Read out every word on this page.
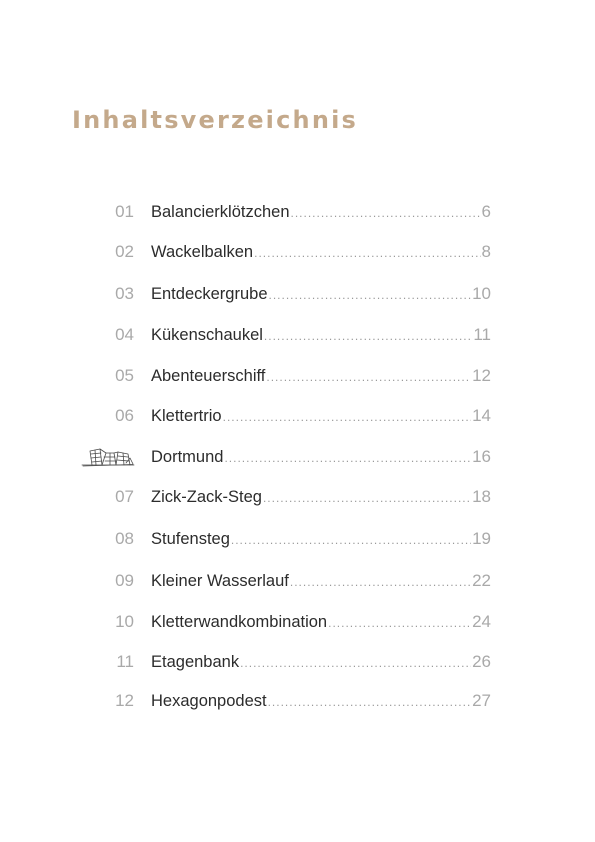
Inhaltsverzeichnis
01 Balancierklötzchen .....	6
02 Wackelbalken .....	8
03 Entdeckergrube .....	10
04 Kükenschaukel .....	11
05 Abenteuerschiff .....	12
06 Klettertrio .....	14
Dortmund .....	16
07 Zick-Zack-Steg .....	18
08 Stufensteg .....	19
09 Kleiner Wasserlauf .....	22
10 Kletterwandkombination .....	24
11 Etagenbank .....	26
12 Hexagonpodest .....	27
